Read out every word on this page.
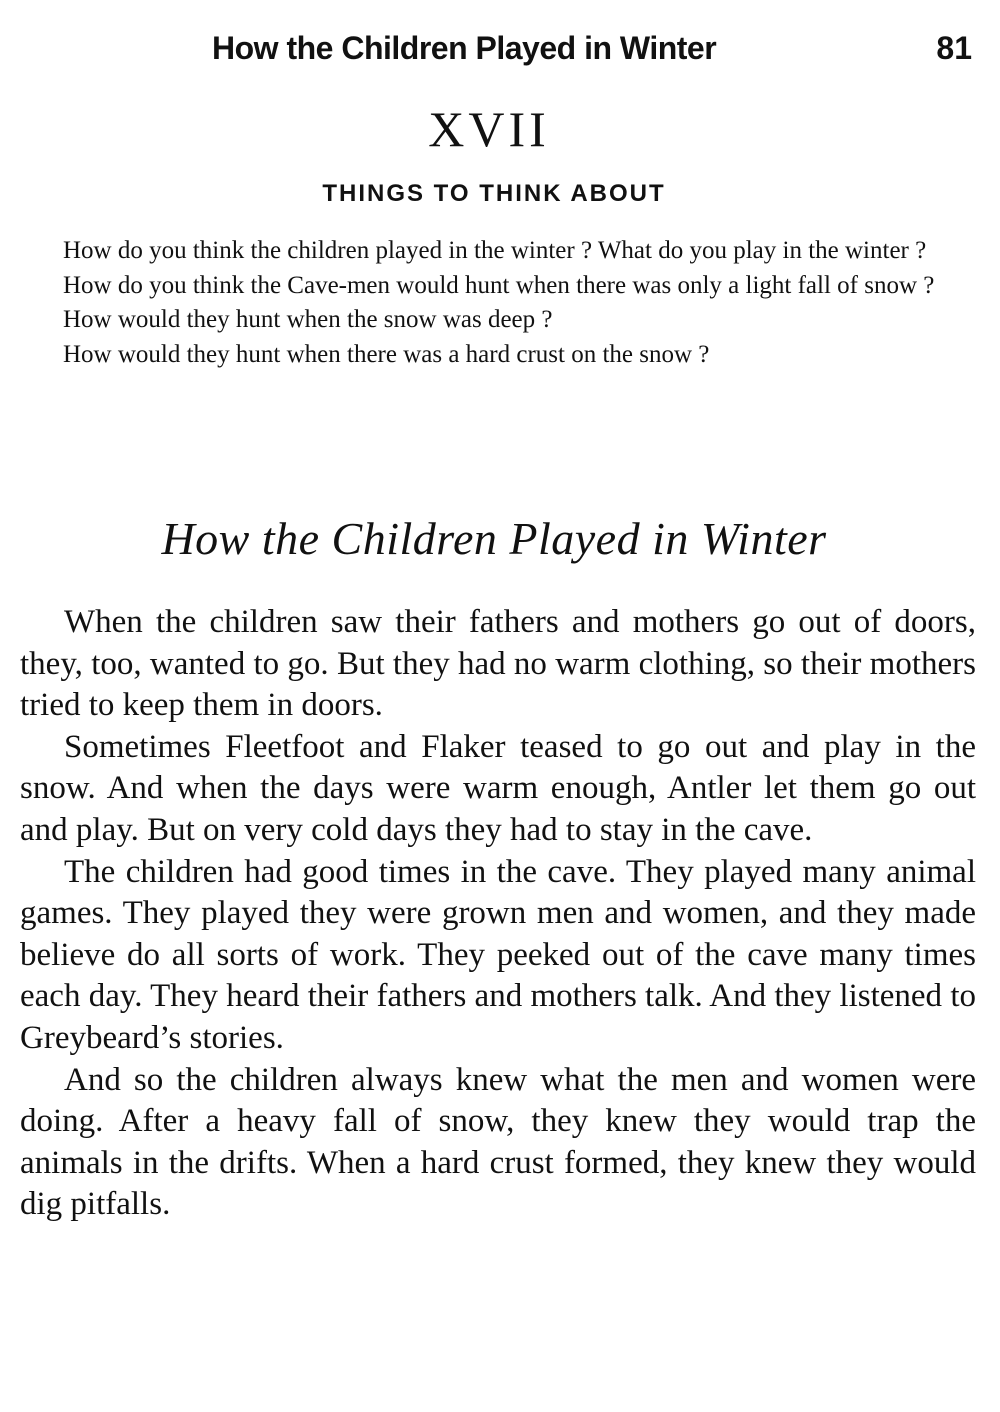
How the Children Played in Winter	81
XVII
THINGS TO THINK ABOUT

How do you think the children played in the winter ? What do you play in the winter ?

How do you think the Cave-men would hunt when there was only a light fall of snow ?

How would they hunt when the snow was deep ?

How would they hunt when there was a hard crust on the snow ?

How the Children Played in Winter

When the children saw their fathers and mothers go out of doors, they, too, wanted to go. But they had no warm clothing, so their mothers tried to keep them in doors.

Sometimes Fleetfoot and Flaker teased to go out and play in the snow. And when the days were warm enough, Antler let them go out and play. But on very cold days they had to stay in the cave.

The children had good times in the cave. They played many animal games. They played they were grown men and women, and they made believe do all sorts of work. They peeked out of the cave many times each day. They heard their fathers and mothers talk. And they listened to Greybeard’s stories.

And so the children always knew what the men and women were doing. After a heavy fall of snow, they knew they would trap the animals in the drifts. When a hard crust formed, they knew they would dig pitfalls.
